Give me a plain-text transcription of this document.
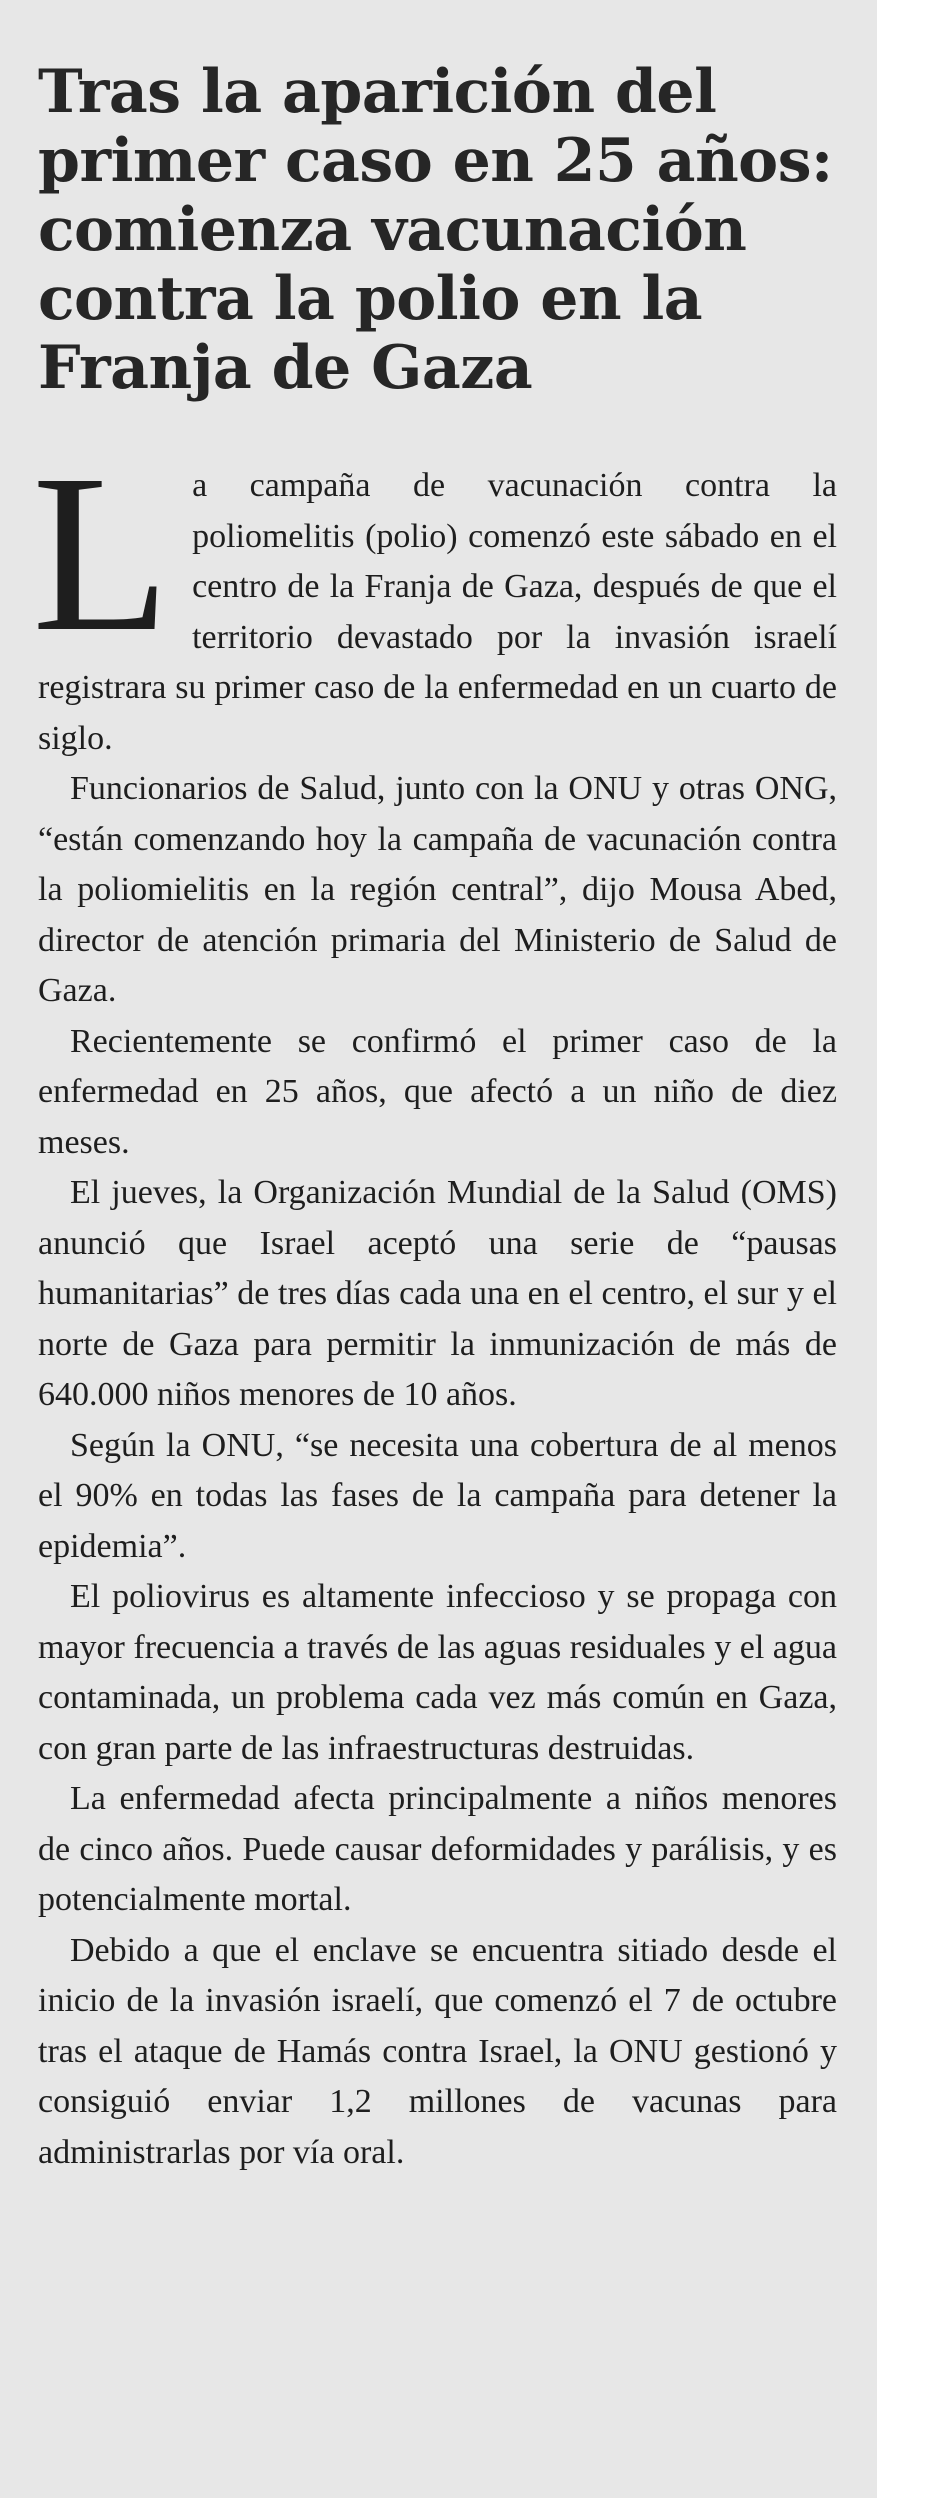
Tras la aparición del primer caso en 25 años: comienza vacunación contra la polio en la Franja de Gaza

La campaña de vacunación contra la poliomelitis (polio) comenzó este sábado en el centro de la Franja de Gaza, después de que el territorio devastado por la invasión israelí registrara su primer caso de la enfermedad en un cuarto de siglo.

Funcionarios de Salud, junto con la ONU y otras ONG, “están comenzando hoy la campaña de vacunación contra la poliomielitis en la región central”, dijo Mousa Abed, director de atención primaria del Ministerio de Salud de Gaza.

Recientemente se confirmó el primer caso de la enfermedad en 25 años, que afectó a un niño de diez meses.

El jueves, la Organización Mundial de la Salud (OMS) anunció que Israel aceptó una serie de “pausas humanitarias” de tres días cada una en el centro, el sur y el norte de Gaza para permitir la inmunización de más de 640.000 niños menores de 10 años.

Según la ONU, “se necesita una cobertura de al menos el 90% en todas las fases de la campaña para detener la epidemia”.

El poliovirus es altamente infeccioso y se propaga con mayor frecuencia a través de las aguas residuales y el agua contaminada, un problema cada vez más común en Gaza, con gran parte de las infraestructuras destruidas.

La enfermedad afecta principalmente a niños menores de cinco años. Puede causar deformidades y parálisis, y es potencialmente mortal.

Debido a que el enclave se encuentra sitiado desde el inicio de la invasión israelí, que comenzó el 7 de octubre tras el ataque de Hamás contra Israel, la ONU gestionó y consiguió enviar 1,2 millones de vacunas para administrarlas por vía oral.
